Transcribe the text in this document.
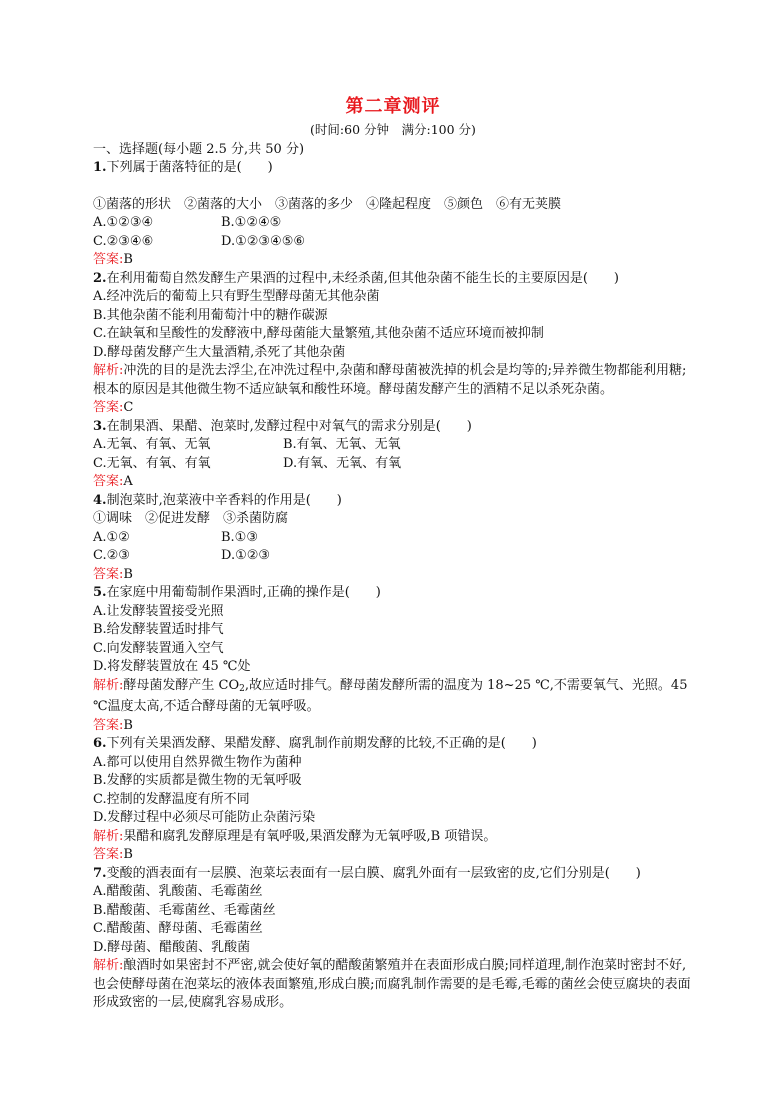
第二章测评
(时间:60 分钟　满分:100 分)
一、选择题(每小题 2.5 分,共 50 分)
1.下列属于菌落特征的是(　　)
①菌落的形状　②菌落的大小　③菌落的多少　④隆起程度　⑤颜色　⑥有无荚膜
A.①②③④	B.①②④⑤
C.②③④⑥	D.①②③④⑤⑥
答案:B
2.在利用葡萄自然发酵生产果酒的过程中,未经杀菌,但其他杂菌不能生长的主要原因是(　　)
A.经冲洗后的葡萄上只有野生型酵母菌无其他杂菌
B.其他杂菌不能利用葡萄汁中的糖作碳源
C.在缺氧和呈酸性的发酵液中,酵母菌能大量繁殖,其他杂菌不适应环境而被抑制
D.酵母菌发酵产生大量酒精,杀死了其他杂菌
解析:冲洗的目的是洗去浮尘,在冲洗过程中,杂菌和酵母菌被洗掉的机会是均等的;异养微生物都能利用糖;根本的原因是其他微生物不适应缺氧和酸性环境。酵母菌发酵产生的酒精不足以杀死杂菌。
答案:C
3.在制果酒、果醋、泡菜时,发酵过程中对氧气的需求分别是(　　)
A.无氧、有氧、无氧	B.有氧、无氧、无氧
C.无氧、有氧、有氧	D.有氧、无氧、有氧
答案:A
4.制泡菜时,泡菜液中辛香料的作用是(　　)
①调味　②促进发酵　③杀菌防腐
A.①②	B.①③
C.②③	D.①②③
答案:B
5.在家庭中用葡萄制作果酒时,正确的操作是(　　)
A.让发酵装置接受光照
B.给发酵装置适时排气
C.向发酵装置通入空气
D.将发酵装置放在 45 ℃处
解析:酵母菌发酵产生 $CO_2$,故应适时排气。酵母菌发酵所需的温度为 18~25 ℃,不需要氧气、光照。45 ℃温度太高,不适合酵母菌的无氧呼吸。
答案:B
6.下列有关果酒发酵、果醋发酵、腐乳制作前期发酵的比较,不正确的是(　　)
A.都可以使用自然界微生物作为菌种
B.发酵的实质都是微生物的无氧呼吸
C.控制的发酵温度有所不同
D.发酵过程中必须尽可能防止杂菌污染
解析:果醋和腐乳发酵原理是有氧呼吸,果酒发酵为无氧呼吸,B 项错误。
答案:B
7.变酸的酒表面有一层膜、泡菜坛表面有一层白膜、腐乳外面有一层致密的皮,它们分别是(　　)
A.醋酸菌、乳酸菌、毛霉菌丝
B.醋酸菌、毛霉菌丝、毛霉菌丝
C.醋酸菌、酵母菌、毛霉菌丝
D.酵母菌、醋酸菌、乳酸菌
解析:酿酒时如果密封不严密,就会使好氧的醋酸菌繁殖并在表面形成白膜;同样道理,制作泡菜时密封不好,也会使酵母菌在泡菜坛的液体表面繁殖,形成白膜;而腐乳制作需要的是毛霉,毛霉的菌丝会使豆腐块的表面形成致密的一层,使腐乳容易成形。
